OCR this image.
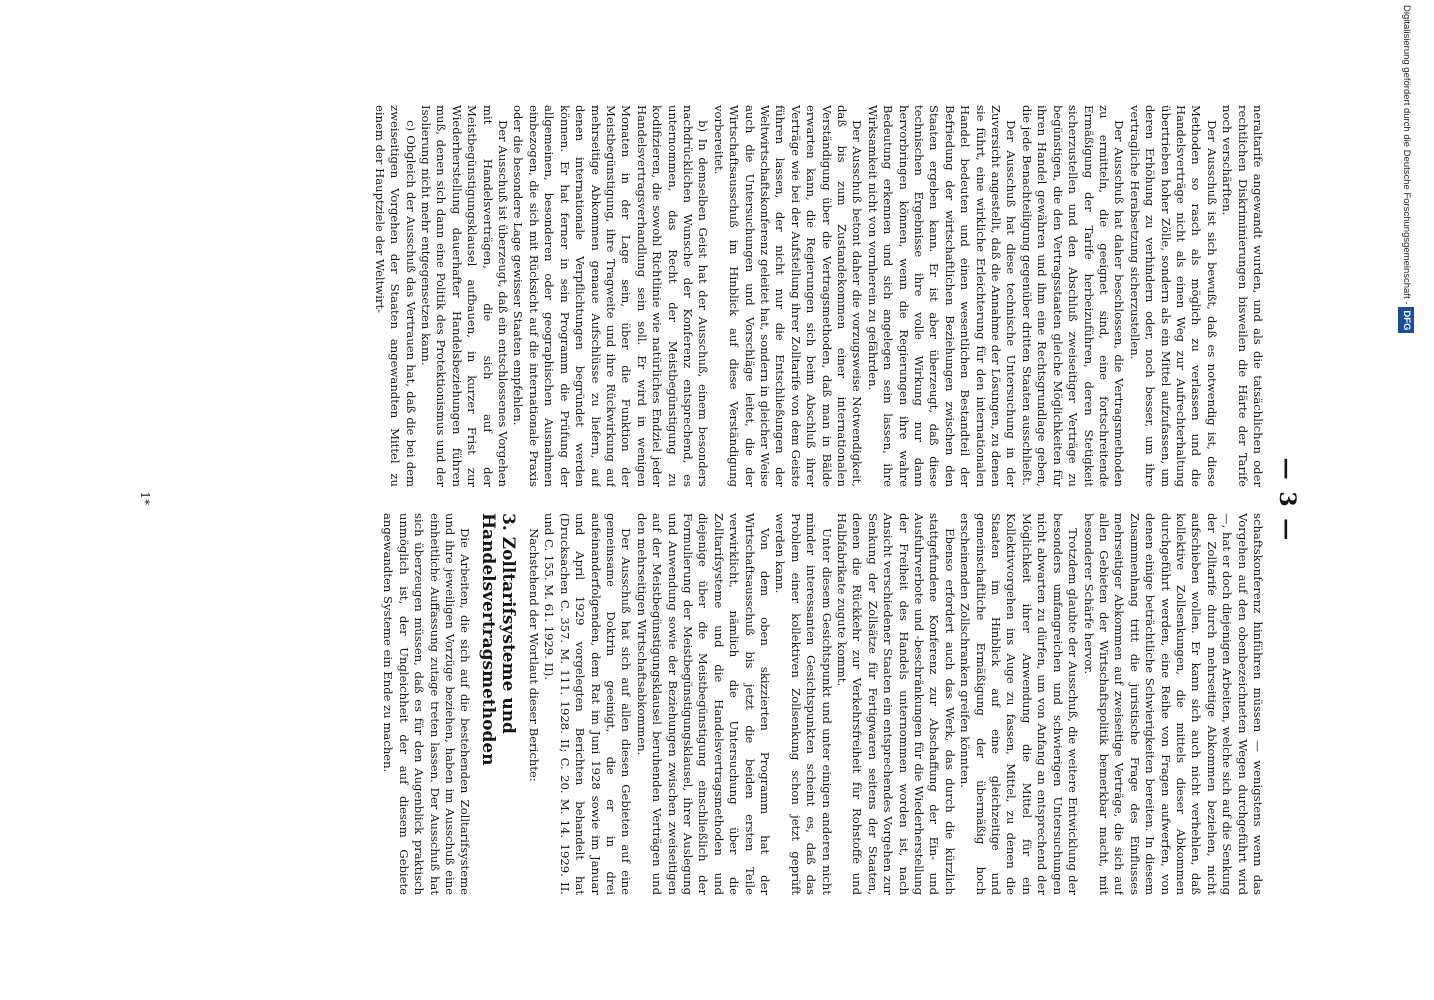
— 3 —

neraltarife angewandt wurden, und als die tatsächlichen oder rechtlichen Diskriminierungen bisweilen die Härte der Tarife noch verschärften.

Der Ausschuß ist sich bewußt, daß es notwendig ist, diese Methoden so rasch als möglich zu verlassen und die Handelsverträge nicht als einen Weg zur Aufrechterhaltung übertrieben hoher Zölle, sondern als ein Mittel aufzufassen, um deren Erhöhung zu verhindern oder, noch besser, um ihre vertragliche Herabsetzung sicherzustellen.

Der Ausschuß hat daher beschlossen, die Vertragsmethoden zu ermitteln, die geeignet sind, eine fortschreitende Ermäßigung der Tarife herbeizuführen, deren Stetigkeit sicherzustellen und den Abschluß zweiseitiger Verträge zu begünstigen, die den Vertragsstaaten gleiche Möglichkeiten für ihren Handel gewähren und ihm eine Rechtsgrundlage geben, die jede Benachteiligung gegenüber dritten Staaten ausschließt.

Der Ausschuß hat diese technische Untersuchung in der Zuversicht angestellt, daß die Annahme der Lösungen, zu denen sie führt, eine wirkliche Erleichterung für den internationalen Handel bedeuten und einen wesentlichen Bestandteil der Befriedung der wirtschaftlichen Beziehungen zwischen den Staaten ergeben kann. Er ist aber überzeugt, daß diese technischen Ergebnisse ihre volle Wirkung nur dann hervorbringen können, wenn die Regierungen ihre wahre Bedeutung erkennen und sich angelegen sein lassen, ihre Wirksamkeit nicht von vornherein zu gefährden.

Der Ausschuß betont daher die vorzugsweise Notwendigkeit, daß bis zum Zustandekommen einer internationalen Verständigung über die Vertragsmethoden, daß man in Bälde erwarten kann, die Regierungen sich beim Abschluß ihrer Verträge wie bei der Aufstellung ihrer Zolltarife von dem Geiste führen lassen, der nicht nur die Entschließungen der Weltwirtschaftskonferenz geleitet hat, sondern in gleicher Weise auch die Untersuchungen und Vorschläge leitet, die der Wirtschaftsausschuß im Hinblick auf diese Verständigung vorbereitet.

b) In demselben Geist hat der Ausschuß, einem besonders nachdrücklichen Wunsche der Konferenz entsprechend, es unternommen, das Recht der Meistbegünstigung zu kodifizieren, die sowohl Richtlinie wie natürliches Endziel jeder Handelsvertragsverhandlung sein soll. Er wird in wenigen Monaten in der Lage sein, über die Funktion der Meistbegünstigung, ihre Tragweite und ihre Rückwirkung auf mehrseitige Abkommen genaue Aufschlüsse zu liefern, auf denen internationale Verpflichtungen begründet werden können. Er hat ferner in sein Programm die Prüfung der allgemeinen, besonderen oder geographischen Ausnahmen einbezogen, die sich mit Rücksicht auf die internationale Praxis oder die besondere Lage gewisser Staaten empfehlen.

Der Ausschuß ist überzeugt, daß ein entschlossenes Vorgehen mit Handelsverträgen, die sich auf der Meistbegünstigungsklausel aufbauen, in kurzer Frist zur Wiederherstellung dauerhafter Handelsbeziehungen führen muß, denen sich dann eine Politik des Protektionismus und der Isolierung nicht mehr entgegensetzen kann.

c) Obgleich der Ausschuß das Vertrauen hat, daß die bei dem zweiseitigen Vorgehen der Staaten angewandten Mittel zu einem der Hauptziele der Weltwirt-

schaftskonferenz hinführen müssen — wenigstens wenn das Vorgehen auf den obenbezeichneten Wegen durchgeführt wird —, hat er doch diejenigen Arbeiten, welche sich auf die Senkung der Zolltarife durch mehrseitige Abkommen beziehen, nicht aufschieben wollen. Er kann sich auch nicht verhehlen, daß kollektive Zollsenkungen, die mittels dieser Abkommen durchgeführt werden, eine Reihe von Fragen aufwerfen, von denen einige beträchtliche Schwierigkeiten bereiten. In diesem Zusammenhang tritt die juristische Frage des Einflusses mehrseitiger Abkommen auf zweiseitige Verträge, die sich auf allen Gebieten der Wirtschaftspolitik bemerkbar macht, mit besonderer Schärfe hervor.

Trotzdem glaubte der Ausschuß, die weitere Entwicklung der besonders umfangreichen und schwierigen Untersuchungen nicht abwarten zu dürfen, um von Anfang an entsprechend der Möglichkeit ihrer Anwendung die Mittel für ein Kollektivvorgehen ins Auge zu fassen, Mittel, zu denen die Staaten im Hinblick auf eine gleichzeitige und gemeinschaftliche Ermäßigung der übermäßig hoch erscheinenden Zollschranken greifen könnten.

Ebenso erfordert auch das Werk, das durch die kürzlich stattgefundene Konferenz zur Abschaffung der Ein- und Ausfuhrverbote und -beschränkungen für die Wiederherstellung der Freiheit des Handels unternommen worden ist, nach Ansicht verschiedener Staaten ein entsprechendes Vorgehen zur Senkung der Zollsätze für Fertigwaren seitens der Staaten, denen die Rückkehr zur Verkehrsfreiheit für Rohstoffe und Halbfabrikate zugute kommt.

Unter diesem Gesichtspunkt und unter einigen anderen nicht minder interessanten Gesichtspunkten scheint es, daß das Problem einer kollektiven Zollsenkung schon jetzt geprüft werden kann.

Von dem oben skizzierten Programm hat der Wirtschaftsausschuß bis jetzt die beiden ersten Teile verwirklicht, nämlich die Untersuchung über die Zolltarifsysteme und die Handelsvertragsmethoden und diejenige über die Meistbegünstigung einschließlich der Formulierung der Meistbegünstigungsklausel, ihrer Auslegung und Anwendung sowie der Beziehungen zwischen zweiseitigen auf der Meistbegünstigungsklausel beruhenden Verträgen und den mehrseitigen Wirtschaftsabkommen.

Der Ausschuß hat sich auf allen diesen Gebieten auf eine gemeinsame Doktrin geeinigt, die er in drei aufeinanderfolgenden, dem Rat im Juni 1928 sowie im Januar und April 1929 vorgelegten Berichten behandelt hat (Drucksachen C. 357. M. 111. 1928. II; C. 20. M. 14. 1929. II. und C. 155. M. 61. 1929. II).

Nachstehend der Wortlaut dieser Berichte:

3. Zolltarifsysteme und Handelsvertragsmethoden

Die Arbeiten, die sich auf die bestehenden Zolltarifsysteme und ihre jeweiligen Vorzüge beziehen, haben im Ausschuß eine einheitliche Auffassung zutage treten lassen. Der Ausschuß hat sich überzeugen müssen, daß es für den Augenblick praktisch unmöglich ist, der Ungleichheit der auf diesem Gebiete angewandten Systeme ein Ende zu machen.

1*
Digitalisierung gefördert durch die Deutsche Forschungsgemeinschaft -
DFG
